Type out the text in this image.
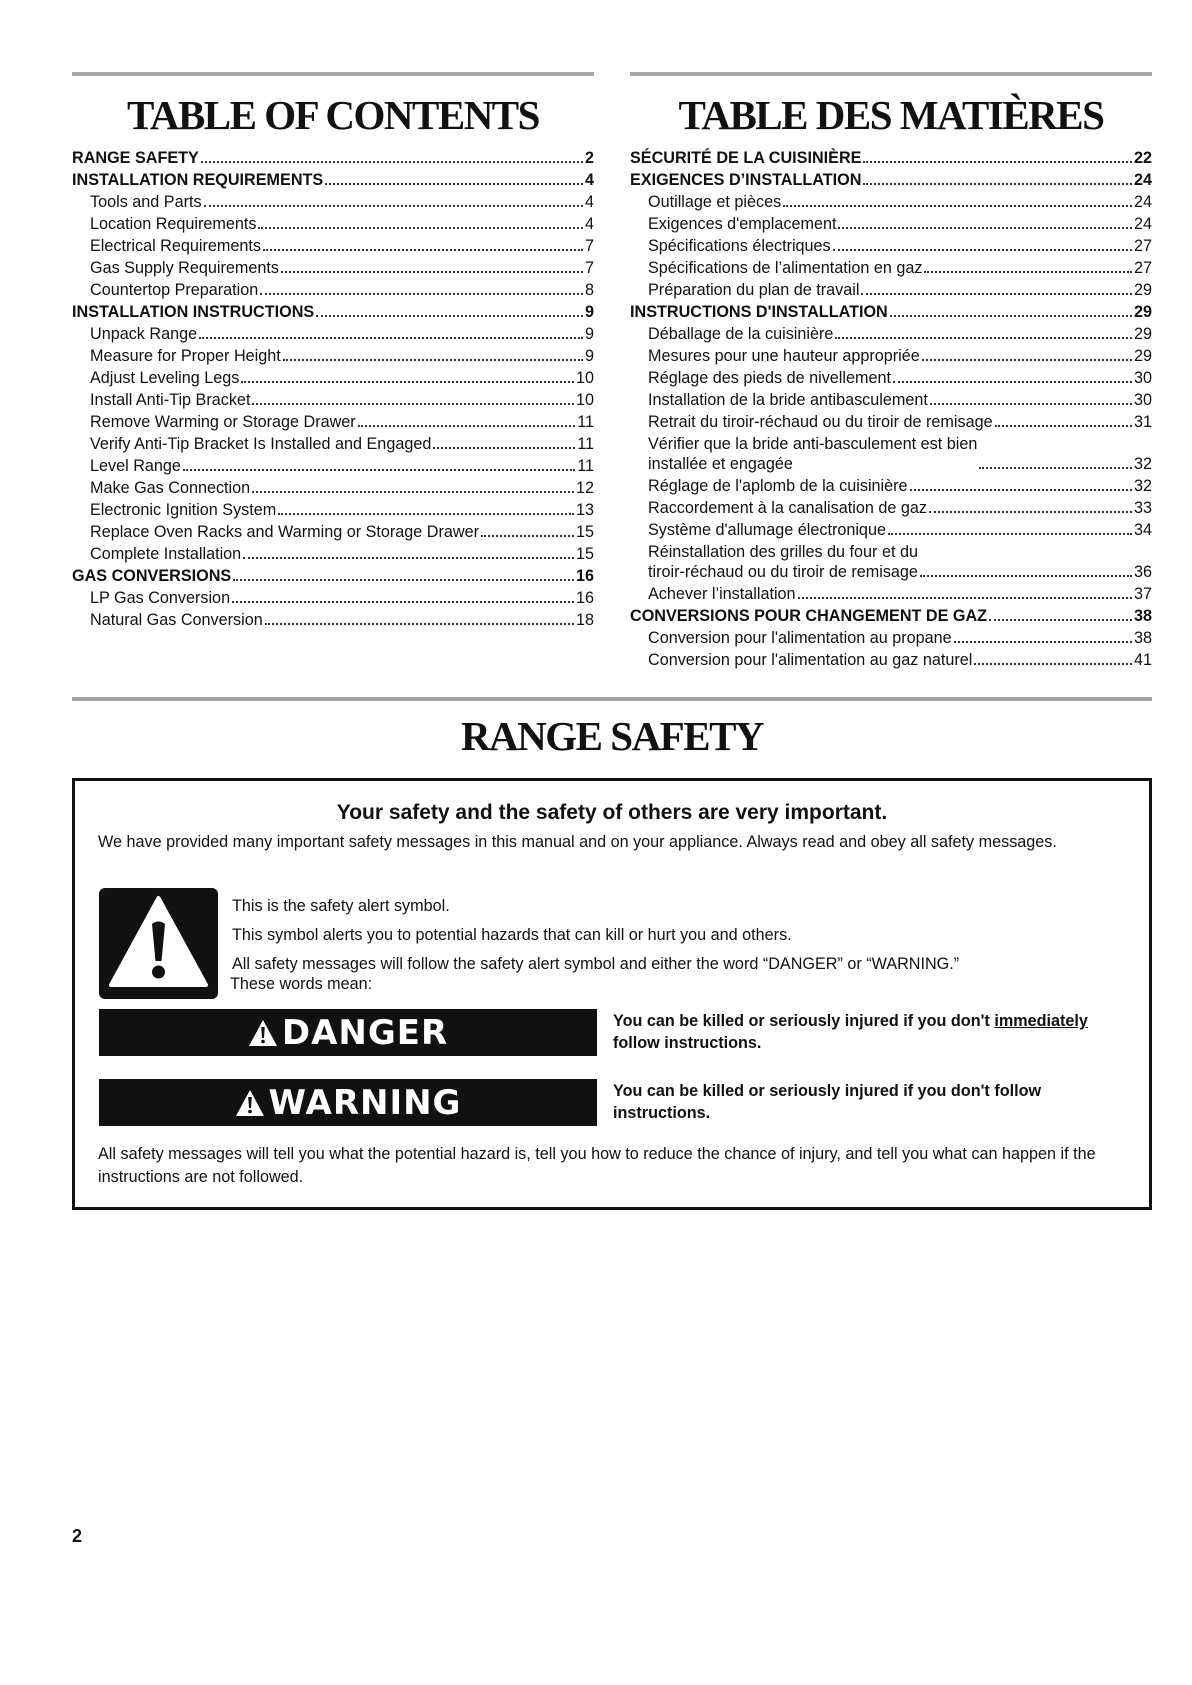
TABLE OF CONTENTS
RANGE SAFETY	2
INSTALLATION REQUIREMENTS	4
Tools and Parts	4
Location Requirements	4
Electrical Requirements	7
Gas Supply Requirements	7
Countertop Preparation	8
INSTALLATION INSTRUCTIONS	9
Unpack Range	9
Measure for Proper Height	9
Adjust Leveling Legs	10
Install Anti-Tip Bracket	10
Remove Warming or Storage Drawer	11
Verify Anti-Tip Bracket Is Installed and Engaged	11
Level Range	11
Make Gas Connection	12
Electronic Ignition System	13
Replace Oven Racks and Warming or Storage Drawer	15
Complete Installation	15
GAS CONVERSIONS	16
LP Gas Conversion	16
Natural Gas Conversion	18
TABLE DES MATIÈRES
SÉCURITÉ DE LA CUISINIÈRE	22
EXIGENCES D’INSTALLATION	24
Outillage et pièces	24
Exigences d'emplacement	24
Spécifications électriques	27
Spécifications de l’alimentation en gaz	27
Préparation du plan de travail	29
INSTRUCTIONS D'INSTALLATION	29
Déballage de la cuisinière	29
Mesures pour une hauteur appropriée	29
Réglage des pieds de nivellement	30
Installation de la bride antibasculement	30
Retrait du tiroir-réchaud ou du tiroir de remisage	31
Vérifier que la bride anti-basculement est bien
installée et engagée	32
Réglage de l'aplomb de la cuisinière	32
Raccordement à la canalisation de gaz	33
Système d'allumage électronique	34
Réinstallation des grilles du four et du
tiroir-réchaud ou du tiroir de remisage	36
Achever l’installation	37
CONVERSIONS POUR CHANGEMENT DE GAZ	38
Conversion pour l'alimentation au propane	38
Conversion pour l'alimentation au gaz naturel	41
RANGE SAFETY
Your safety and the safety of others are very important.
We have provided many important safety messages in this manual and on your appliance. Always read and obey all safety messages.
This is the safety alert symbol.
This symbol alerts you to potential hazards that can kill or hurt you and others.
All safety messages will follow the safety alert symbol and either the word “DANGER” or “WARNING.”
These words mean:
DANGER	You can be killed or seriously injured if you don't immediately follow instructions.
WARNING	You can be killed or seriously injured if you don't follow instructions.
All safety messages will tell you what the potential hazard is, tell you how to reduce the chance of injury, and tell you what can happen if the instructions are not followed.
2
